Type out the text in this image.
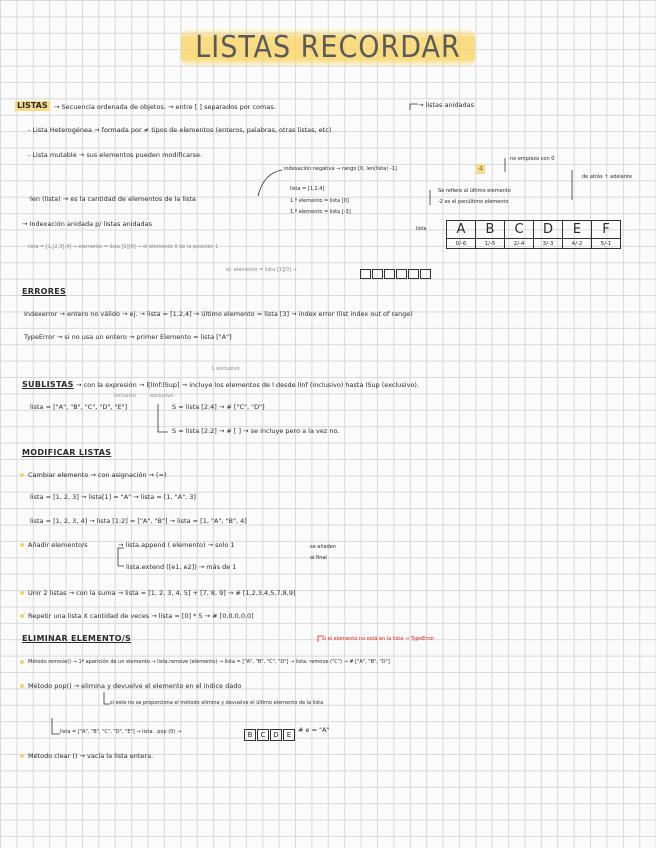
LISTAS RECORDAR
LISTAS → Secuencia ordenada de objetos. → entre [ ] separados por comas.	→ listas anidadas
- Lista Heterogénea → formada por ≠ tipos de elementos (enteros, palabras, otras listas, etc)
- Lista mutable → sus elementos pueden modificarse.
indexación negativa → rango [0, len(lista) -1]	-1
no empieza con 0
de atrás ↑ adelante
lista = [1,2,4]
1.º elemento = lista [0]
1.º elemento = lista [-3]
Se refiere al último elemento
-2 es el penúltimo elemento
·len (lista) → es la cantidad de elementos de la lista
→ Indexación anidada p/ listas anidadas
lista A	B	C	D	E	F
0/-6	1/-5	2/-4	3/-3	4/-2	5/-1
lista = [1,[2,3],4] → elemento = lista [1][0] → el elemento 0 de la posición 1
ej: elemento = lista [1][0] →
ERRORES
Indexerror → entero no válido → ej. → lista = [1,2,4] → último elemento = lista [3] → index error (list index out of range)
TypeError → si no usa un entero → primer Elemento = lista ["A"]
L exclusivo
SUBLISTAS → con la expresión → l[lInf:lSup] → incluye los elementos de l desde lInf (inclusivo) hasta lSup (exclusivo).
inclusivo	exclusivo
lista = ["A", "B", "C", "D", "E"]	S = lista [2:4] → # ["C", "D"]
S = lista [2:2] → # [ ] → se incluye pero a la vez no.
MODIFICAR LISTAS
Cambiar elemento → con asignación → (=)
lista = [1, 2, 3] → lista[1] = "A" → lista = [1, "A", 3]
lista = [1, 2, 3, 4] → lista [1:2] = ["A", "B"] → lista = [1, "A", "B", 4]
Añadir elemento/s	→ lista.append ( elemento) → solo 1
lista.extend ([e1, e2]) → más de 1
se añaden
al final
Unir 2 listas → con la suma → lista = [1, 2, 3, 4, 5] + [7, 8, 9] → # [1,2,3,4,5,7,8,9]
Repetir una lista X cantidad de veces → lista = [0] * 5 → # [0,0,0,0,0]
ELIMINAR ELEMENTO/S	si el elemento no está en la lista → TypeError
Método remove() → 1ª aparición de un elemento → lista.remove (elemento) → lista = ["A", "B", "C", "D"] → lista. remove ("C") → # ["A", "B", "D"]
Método pop() → elimina y devuelve el elemento en el índice dado
si este no se proporciona el método elimina y devuelve el último elemento de la lista
lista = ["A", "B", "C", "D", "E"] → lista . pop (0) →	B C D E
# e = "A"
Método clear () → vacía la lista entera.
